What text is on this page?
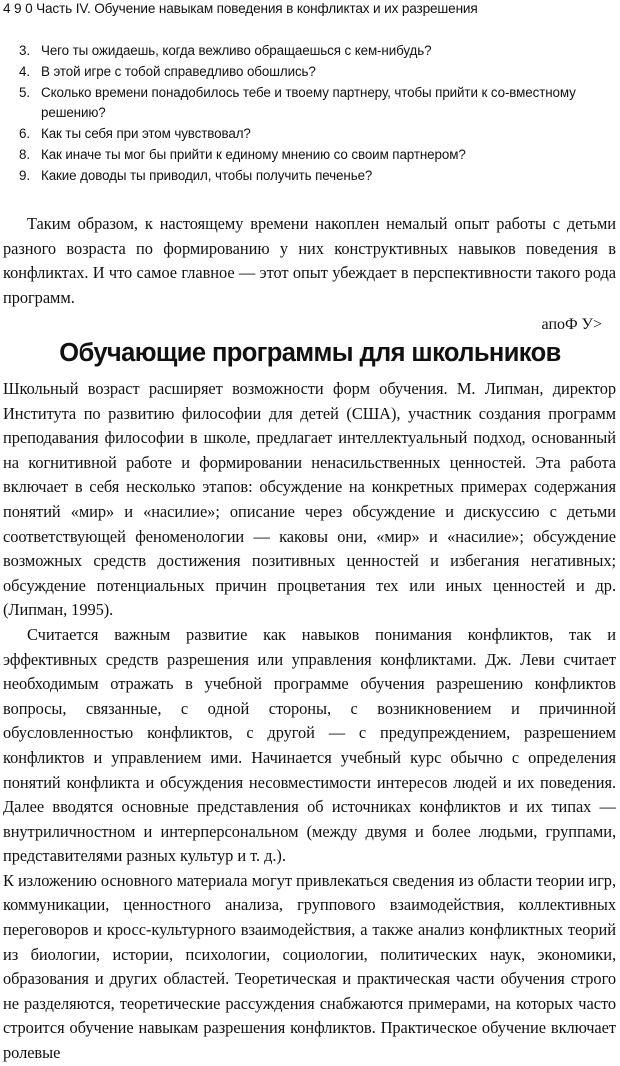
4 9 0 Часть IV. Обучение навыкам поведения в конфликтах и их разрешения
3. Чего ты ожидаешь, когда вежливо обращаешься с кем-нибудь?
4. В этой игре с тобой справедливо обошлись?
5. Сколько времени понадобилось тебе и твоему партнеру, чтобы прийти к со-вместному решению?
6. Как ты себя при этом чувствовал?
8. Как иначе ты мог бы прийти к единому мнению со своим партнером?
9. Какие доводы ты приводил, чтобы получить печенье?
Таким образом, к настоящему времени накоплен немалый опыт работы с детьми разного возраста по формированию у них конструктивных навыков поведения в конфликтах. И что самое главное — этот опыт убеждает в перспективности такого рода программ.
апоФ У>
Обучающие программы для школьников

Школьный возраст расширяет возможности форм обучения. М. Липман, директор Института по развитию философии для детей (США), участник создания программ преподавания философии в школе, предлагает интеллектуальный подход, основанный на когнитивной работе и формировании ненасильственных ценностей. Эта работа включает в себя несколько этапов: обсуждение на конкретных примерах содержания понятий «мир» и «насилие»; описание через обсуждение и дискуссию с детьми соответствующей феноменологии — каковы они, «мир» и «насилие»; обсуждение возможных средств достижения позитивных ценностей и избегания негативных; обсуждение потенциальных причин процветания тех или иных ценностей и др. (Липман, 1995).

Считается важным развитие как навыков понимания конфликтов, так и эффективных средств разрешения или управления конфликтами. Дж. Леви считает необходимым отражать в учебной программе обучения разрешению конфликтов вопросы, связанные, с одной стороны, с возникновением и причинной обусловленностью конфликтов, с другой — с предупреждением, разрешением конфликтов и управлением ими. Начинается учебный курс обычно с определения понятий конфликта и обсуждения несовместимости интересов людей и их поведения. Далее вводятся основные представления об источниках конфликтов и их типах — внутриличностном и интерперсональном (между двумя и более людьми, группами, представителями разных культур и т. д.).

К изложению основного материала могут привлекаться сведения из области теории игр, коммуникации, ценностного анализа, группового взаимодействия, коллективных переговоров и кросс-культурного взаимодействия, а также анализ конфликтных теорий из биологии, истории, психологии, социологии, политических наук, экономики, образования и других областей. Теоретическая и практическая части обучения строго не разделяются, теоретические рассуждения снабжаются примерами, на которых часто строится обучение навыкам разрешения конфликтов. Практическое обучение включает ролевые
